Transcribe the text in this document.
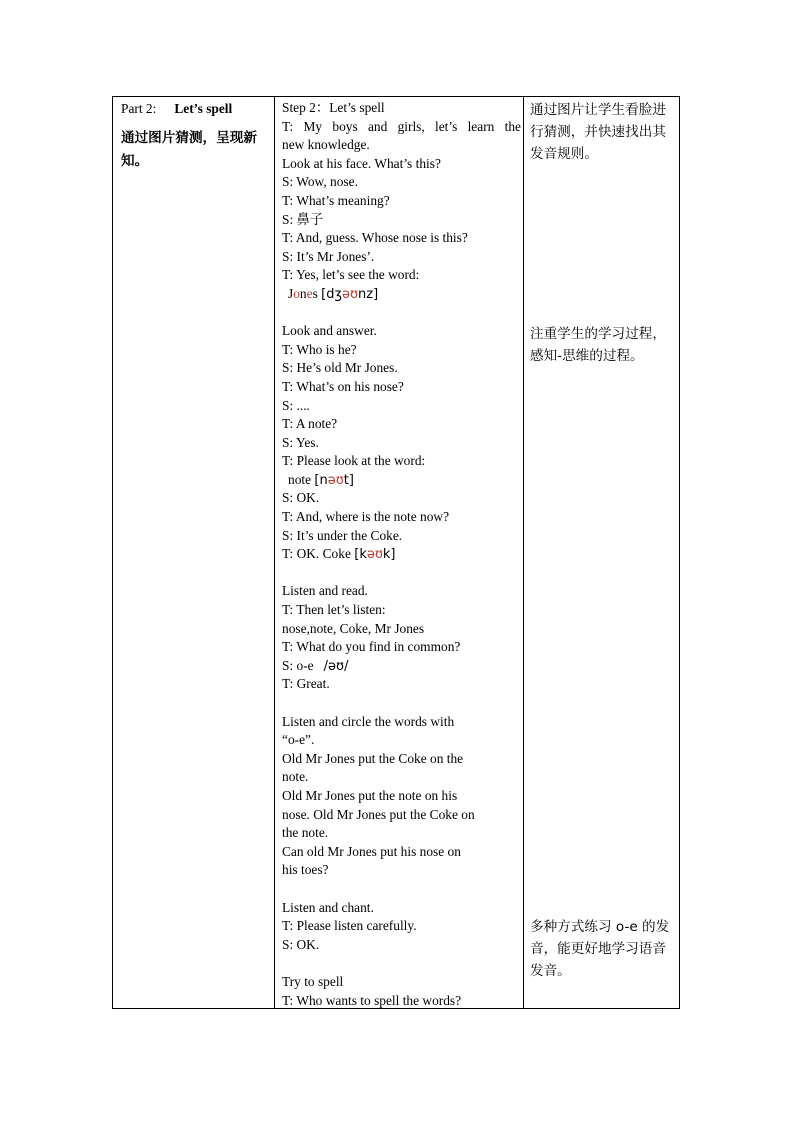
Part 2: Let’s spell
通过图片猜测，呈现新知。
Step 2：Let’s spell
T: My boys and girls, let’s learn the
new knowledge.
Look at his face. What’s this?
S: Wow, nose.
T: What’s meaning?
S: 鼻子
T: And, guess. Whose nose is this?
S: It’s Mr Jones’.
T: Yes, let’s see the word:
Jones [dʒəʊnz]
Look and answer.
T: Who is he?
S: He’s old Mr Jones.
T: What’s on his nose?
S: ....
T: A note?
S: Yes.
T: Please look at the word:
note [nəʊt]
S: OK.
T: And, where is the note now?
S: It’s under the Coke.
T: OK. Coke [kəʊk]
Listen and read.
T: Then let’s listen:
nose,note, Coke, Mr Jones
T: What do you find in common?
S: o-e /əʊ/
T: Great.
Listen and circle the words with
“o-e”.
Old Mr Jones put the Coke on the
note.
Old Mr Jones put the note on his
nose. Old Mr Jones put the Coke on
the note.
Can old Mr Jones put his nose on
his toes?
Listen and chant.
T: Please listen carefully.
S: OK.
Try to spell
T: Who wants to spell the words?
通过图片让学生看脸进行猜测，并快速找出其发音规则。
注重学生的学习过程，感知-思维的过程。
多种方式练习 o-e 的发音，能更好地学习语音发音。
